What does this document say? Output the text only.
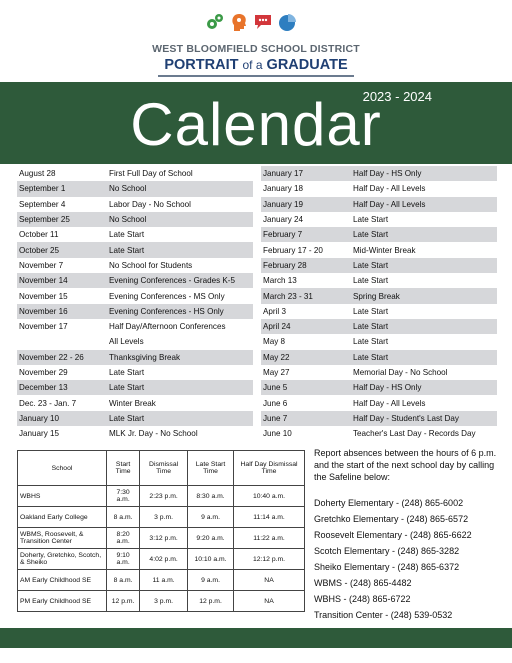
WEST BLOOMFIELD SCHOOL DISTRICT
PORTRAIT of a GRADUATE
2023 - 2024
Calendar
August 28	First Full Day of School
September 1	No School
September 4	Labor Day - No School
September 25	No School
October 11	Late Start
October 25	Late Start
November 7	No School for Students
November 14	Evening Conferences - Grades K-5
November 15	Evening Conferences - MS Only
November 16	Evening Conferences - HS Only
November 17	Half Day/Afternoon Conferences
All Levels
November 22 - 26	Thanksgiving Break
November 29	Late Start
December 13	Late Start
Dec. 23 - Jan. 7	Winter Break
January 10	Late Start
January 15	MLK Jr. Day - No School
January 17	Half Day - HS Only
January 18	Half Day - All Levels
January 19	Half Day - All Levels
January 24	Late Start
February 7	Late Start
February 17 - 20	Mid-Winter Break
February 28	Late Start
March 13	Late Start
March 23 - 31	Spring Break
April 3	Late Start
April 24	Late Start
May 8	Late Start
May 22	Late Start
May 27	Memorial Day - No School
June 5	Half Day - HS Only
June 6	Half Day - All Levels
June 7	Half Day - Student's Last Day
June 10	Teacher's Last Day - Records Day
School	Start Time	Dismissal Time	Late Start Time	Half Day Dismissal Time
WBHS	7:30 a.m.	2:23 p.m.	8:30 a.m.	10:40 a.m.
Oakland Early College	8 a.m.	3 p.m.	9 a.m.	11:14 a.m.
WBMS, Roosevelt, & Transition Center	8:20 a.m.	3:12 p.m.	9:20 a.m.	11:22 a.m.
Doherty, Gretchko, Scotch, & Sheiko	9:10 a.m.	4:02 p.m.	10:10 a.m.	12:12 p.m.
AM Early Childhood SE	8 a.m.	11 a.m.	9 a.m.	NA
PM Early Childhood SE	12 p.m.	3 p.m.	12 p.m.	NA
Report absences between the hours of 6 p.m. and the start of the next school day by calling the Safeline below:
Doherty Elementary - (248) 865-6002
Gretchko Elementary - (248) 865-6572
Roosevelt Elementary - (248) 865-6622
Scotch Elementary - (248) 865-3282
Sheiko Elementary - (248) 865-6372
WBMS - (248) 865-4482
WBHS - (248) 865-6722
Transition Center - (248) 539-0532
